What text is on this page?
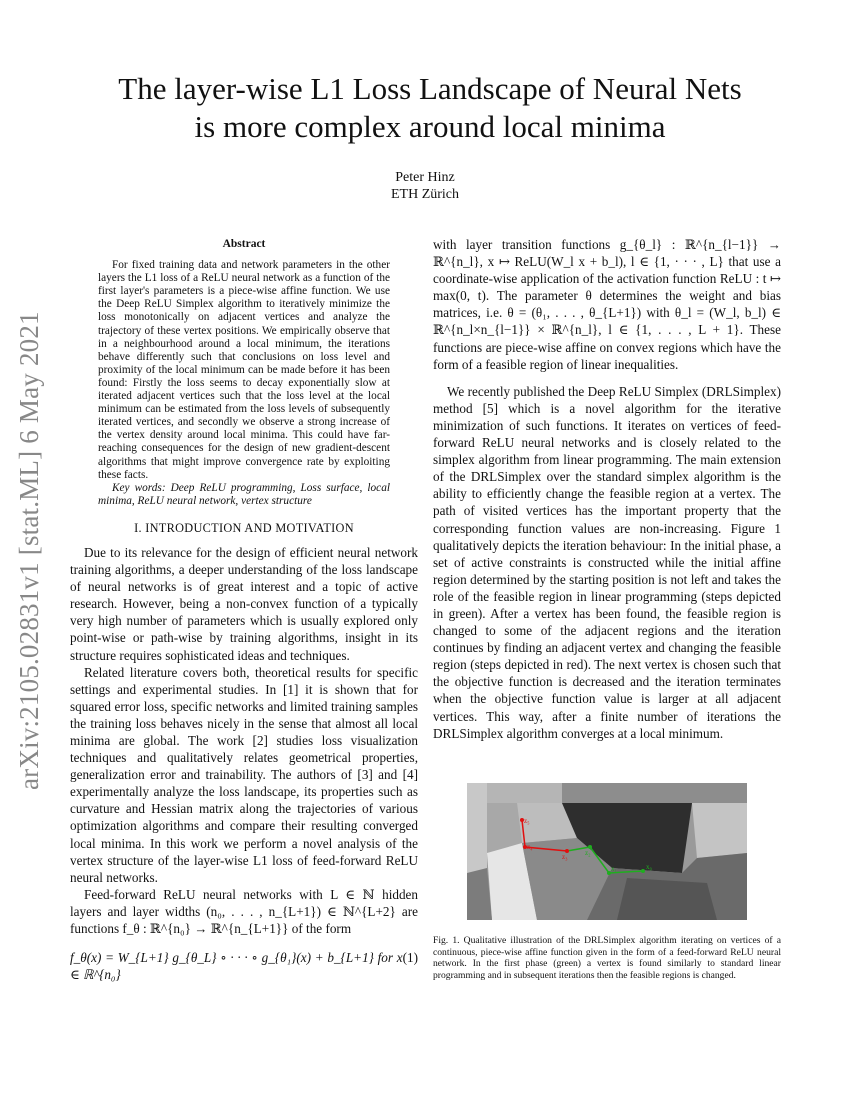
arXiv:2105.02831v1 [stat.ML] 6 May 2021
The layer-wise L1 Loss Landscape of Neural Nets
is more complex around local minima
Peter Hinz
ETH Zürich
Abstract

For fixed training data and network parameters in the other layers the L1 loss of a ReLU neural network as a function of the first layer's parameters is a piece-wise affine function. We use the Deep ReLU Simplex algorithm to iteratively minimize the loss monotonically on adjacent vertices and analyze the trajectory of these vertex positions. We empirically observe that in a neighbourhood around a local minimum, the iterations behave differently such that conclusions on loss level and proximity of the local minimum can be made before it has been found: Firstly the loss seems to decay exponentially slow at iterated adjacent vertices such that the loss level at the local minimum can be estimated from the loss levels of subsequently iterated vertices, and secondly we observe a strong increase of the vertex density around local minima. This could have far-reaching consequences for the design of new gradient-descent algorithms that might improve convergence rate by exploiting these facts.

Key words: Deep ReLU programming, Loss surface, local minima, ReLU neural network, vertex structure

I. INTRODUCTION AND MOTIVATION

Due to its relevance for the design of efficient neural network training algorithms, a deeper understanding of the loss landscape of neural networks is of great interest and a topic of active research. However, being a non-convex function of a typically very high number of parameters which is usually explored only point-wise or path-wise by training algorithms, insight in its structure requires sophisticated ideas and techniques.

Related literature covers both, theoretical results for specific settings and experimental studies. In [1] it is shown that for squared error loss, specific networks and limited training samples the training loss behaves nicely in the sense that almost all local minima are global. The work [2] studies loss visualization techniques and qualitatively relates geometrical properties, generalization error and trainability. The authors of [3] and [4] experimentally analyze the loss landscape, its properties such as curvature and Hessian matrix along the trajectories of various optimization algorithms and compare their resulting converged local minima. In this work we perform a novel analysis of the vertex structure of the layer-wise L1 loss of feed-forward ReLU neural networks.

Feed-forward ReLU neural networks with L ∈ ℕ hidden layers and layer widths (n₀, . . . , n_{L+1}) ∈ ℕ^{L+2} are functions f_θ : ℝ^{n₀} → ℝ^{n_{L+1}} of the form

f_θ(x) = W_{L+1} g_{θ_L} ∘ · · · ∘ g_{θ₁}(x) + b_{L+1} for x ∈ ℝ^{n₀}
(1)

with layer transition functions g_{θ_l} : ℝ^{n_{l−1}} → ℝ^{n_l}, x ↦ ReLU(W_l x + b_l), l ∈ {1, · · · , L} that use a coordinate-wise application of the activation function ReLU : t ↦ max(0, t). The parameter θ determines the weight and bias matrices, i.e. θ = (θ₁, . . . , θ_{L+1}) with θ_l = (W_l, b_l) ∈ ℝ^{n_l×n_{l−1}} × ℝ^{n_l}, l ∈ {1, . . . , L + 1}. These functions are piece-wise affine on convex regions which have the form of a feasible region of linear inequalities.

We recently published the Deep ReLU Simplex (DRLSimplex) method [5] which is a novel algorithm for the iterative minimization of such functions. It iterates on vertices of feed-forward ReLU neural networks and is closely related to the simplex algorithm from linear programming. The main extension of the DRLSimplex over the standard simplex algorithm is the ability to efficiently change the feasible region at a vertex. The path of visited vertices has the important property that the corresponding function values are non-increasing. Figure 1 qualitatively depicts the iteration behaviour: In the initial phase, a set of active constraints is constructed while the initial affine region determined by the starting position is not left and takes the role of the feasible region in linear programming (steps depicted in green). After a vertex has been found, the feasible region is changed to some of the adjacent regions and the iteration continues by finding an adjacent vertex and changing the feasible region (steps depicted in red). The next vertex is chosen such that the objective function is decreased and the iteration terminates when the objective function value is larger at all adjacent vertices. This way, after a finite number of iterations the DRLSimplex algorithm converges at a local minimum.

x₀
x₁
z₂
z₃
z₄
z₅
Fig. 1. Qualitative illustration of the DRLSimplex algorithm iterating on vertices of a continuous, piece-wise affine function given in the form of a feed-forward ReLU neural network. In the first phase (green) a vertex is found similarly to standard linear programming and in subsequent iterations then the feasible regions is changed.
